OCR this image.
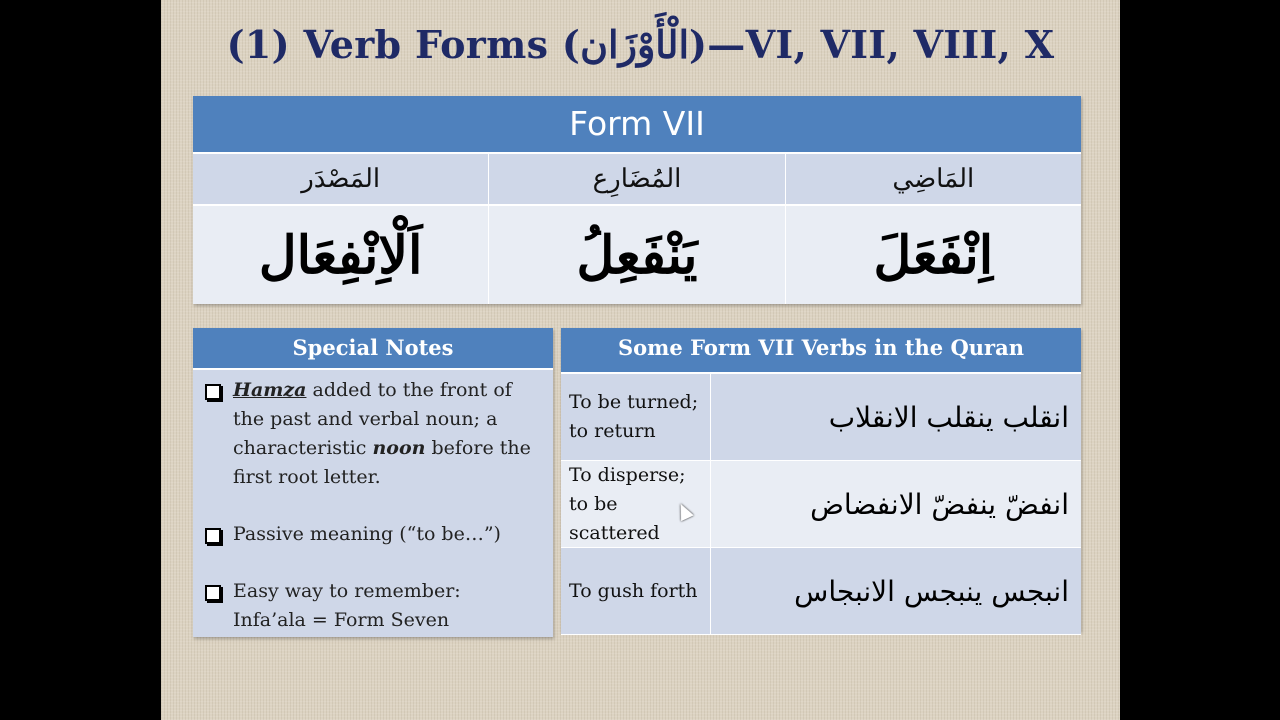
(1) Verb Forms (الْأَوْزَان)—VI, VII, VIII, X
Form VII
المَاضِي
المُضَارِع
المَصْدَر
اِنْفَعَلَ
يَنْفَعِلُ
اَلْاِنْفِعَال
Special Notes
Hamza added to the front of the past and verbal noun; a characteristic noon before the first root letter.
Passive meaning (“to be…”)
Easy way to remember:
Infa’ala = Form Seven
Some Form VII Verbs in the Quran
To be turned; to return	انقلب ينقلب الانقلاب
To disperse; to be scattered
انفضّ ينفضّ الانفضاض
To gush forth	انبجس ينبجس الانبجاس
